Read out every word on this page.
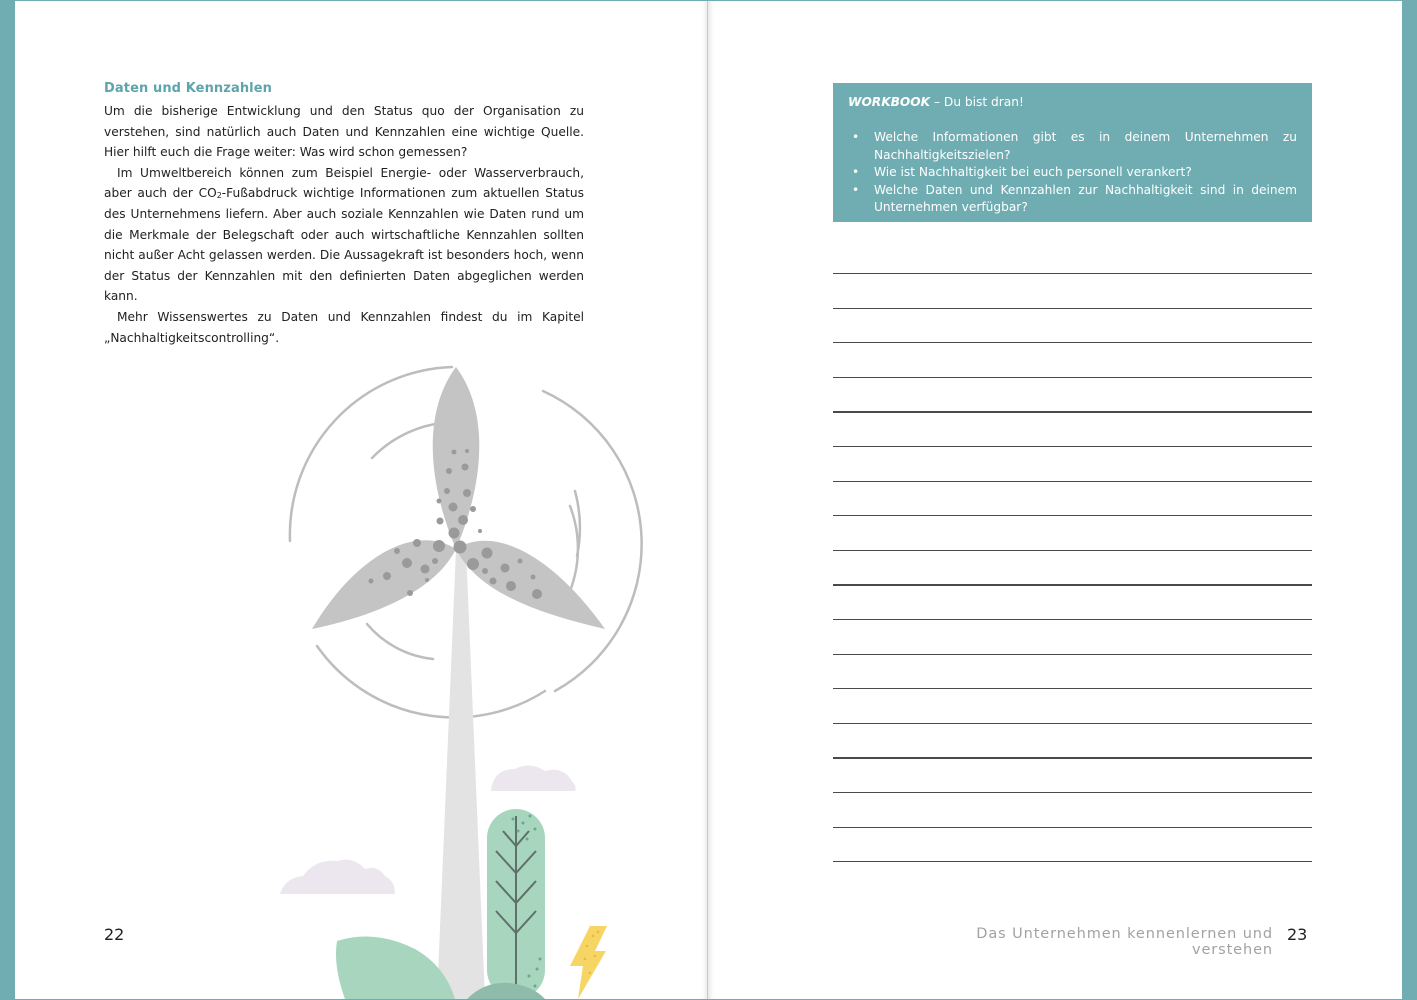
Daten und Kennzahlen

Um die bisherige Entwicklung und den Status quo der Organisation zu verstehen, sind natürlich auch Daten und Kennzahlen eine wichtige Quelle. Hier hilft euch die Frage weiter: Was wird schon gemessen?

Im Umweltbereich können zum Beispiel Energie- oder Wasserverbrauch, aber auch der $CO_2$-Fußabdruck wichtige Informationen zum aktuellen Status des Unternehmens liefern. Aber auch soziale Kennzahlen wie Daten rund um die Merkmale der Belegschaft oder auch wirtschaftliche Kennzahlen sollten nicht außer Acht gelassen werden. Die Aussagekraft ist besonders hoch, wenn der Status der Kennzahlen mit den definierten Daten abgeglichen werden kann.

Mehr Wissenswertes zu Daten und Kennzahlen findest du im Kapitel „Nachhaltigkeitscontrolling“.

22
WORKBOOK – Du bist dran!
• Welche Informationen gibt es in deinem Unternehmen zu Nachhaltigkeitszielen?
• Wie ist Nachhaltigkeit bei euch personell verankert?
• Welche Daten und Kennzahlen zur Nachhaltigkeit sind in deinem Unternehmen verfügbar?
Das Unternehmen kennenlernen und verstehen
23
